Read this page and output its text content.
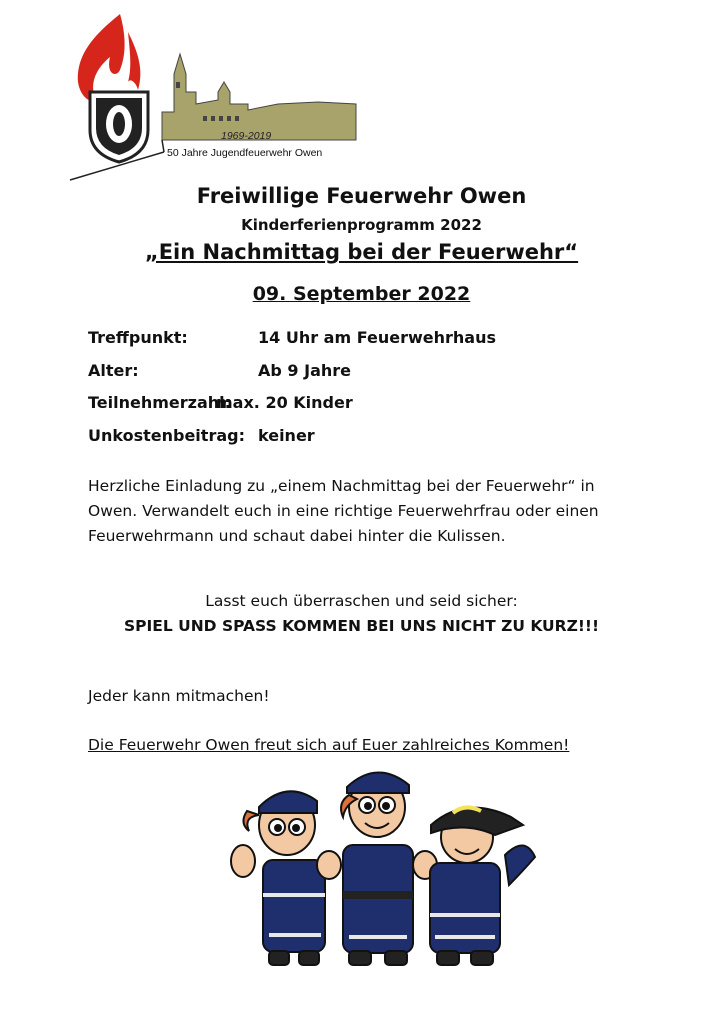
1969-2019
50 Jahre Jugendfeuerwehr Owen
Freiwillige Feuerwehr Owen
Kinderferienprogramm 2022
„Ein Nachmittag bei der Feuerwehr“
09. September 2022
Treffpunkt:	14 Uhr am Feuerwehrhaus
Alter:	Ab 9 Jahre
Teilnehmerzahl:max. 20 Kinder
Unkostenbeitrag: keiner
Herzliche Einladung zu „einem Nachmittag bei der Feuerwehr“ in Owen. Verwandelt euch in eine richtige Feuerwehrfrau oder einen Feuerwehrmann und schaut dabei hinter die Kulissen.
Lasst euch überraschen und seid sicher:
SPIEL UND SPASS KOMMEN BEI UNS NICHT ZU KURZ!!!
Jeder kann mitmachen!
Die Feuerwehr Owen freut sich auf Euer zahlreiches Kommen!
